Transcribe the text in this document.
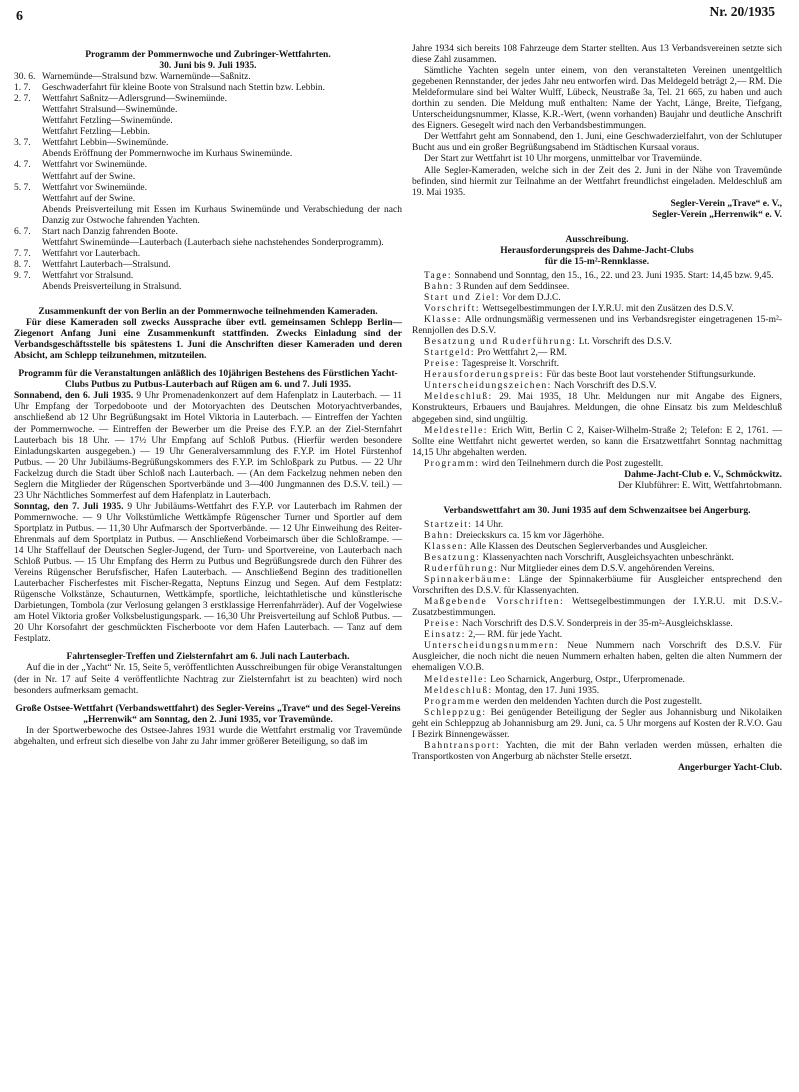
6	Nr. 20/1935

Programm der Pommernwoche und Zubringer-Wettfahrten.

30. Juni bis 9. Juli 1935.

30. 6.	Warnemünde—Stralsund bzw. Warnemünde—Saßnitz.
1. 7.	Geschwaderfahrt für kleine Boote von Stralsund nach Stettin bzw. Lebbin.
2. 7.	Wettfahrt Saßnitz—Adlersgrund—Swinemünde.
	Wettfahrt Stralsund—Swinemünde.
	Wettfahrt Fetzling—Swinemünde.
	Wettfahrt Fetzling—Lebbin.
3. 7.	Wettfahrt Lebbin—Swinemünde.
	Abends Eröffnung der Pommernwoche im Kurhaus Swinemünde.
4. 7.	Wettfahrt vor Swinemünde.
	Wettfahrt auf der Swine.
5. 7.	Wettfahrt vor Swinemünde.
	Wettfahrt auf der Swine.
	Abends Preisverteilung mit Essen im Kurhaus Swinemünde und Verabschiedung der nach Danzig zur Ostwoche fahrenden Yachten.
6. 7.	Start nach Danzig fahrenden Boote.
	Wettfahrt Swinemünde—Lauterbach (Lauterbach siehe nachstehendes Sonderprogramm).
7. 7.	Wettfahrt vor Lauterbach.
8. 7.	Wettfahrt Lauterbach—Stralsund.
9. 7.	Wettfahrt vor Stralsund.
	Abends Preisverteilung in Stralsund.

Zusammenkunft der von Berlin an der Pommernwoche teilnehmenden Kameraden.

Für diese Kameraden soll zwecks Aussprache über evtl. gemeinsamen Schlepp Berlin—Ziegenort Anfang Juni eine Zusammenkunft stattfinden. Zwecks Einladung sind der Verbandsgeschäftsstelle bis spätestens 1. Juni die Anschriften dieser Kameraden und deren Absicht, am Schlepp teilzunehmen, mitzuteilen.

Programm für die Veranstaltungen anläßlich des 10jährigen Bestehens des Fürstlichen Yacht-Clubs Putbus zu Putbus-Lauterbach auf Rügen am 6. und 7. Juli 1935.

Sonnabend, den 6. Juli 1935. 9 Uhr Promenadenkonzert auf dem Hafenplatz in Lauterbach. — 11 Uhr Empfang der Torpedoboote und der Motoryachten des Deutschen Motoryachtverbandes, anschließend ab 12 Uhr Begrüßungsakt im Hotel Viktoria in Lauterbach. — Eintreffen der Yachten der Pommernwoche. — Eintreffen der Bewerber um die Preise des F.Y.P. an der Ziel-Sternfahrt Lauterbach bis 18 Uhr. — 17½ Uhr Empfang auf Schloß Putbus. (Hierfür werden besondere Einladungskarten ausgegeben.) — 19 Uhr Generalversammlung des F.Y.P. im Hotel Fürstenhof Putbus. — 20 Uhr Jubiläums-Begrüßungskommers des F.Y.P. im Schloßpark zu Putbus. — 22 Uhr Fackelzug durch die Stadt über Schloß nach Lauterbach. — (An dem Fackelzug nehmen neben den Seglern die Mitglieder der Rügenschen Sportverbände und 3—400 Jungmannen des D.S.V. teil.) — 23 Uhr Nächtliches Sommerfest auf dem Hafenplatz in Lauterbach.

Sonntag, den 7. Juli 1935. 9 Uhr Jubiläums-Wettfahrt des F.Y.P. vor Lauterbach im Rahmen der Pommernwoche. — 9 Uhr Volkstümliche Wettkämpfe Rügenscher Turner und Sportler auf dem Sportplatz in Putbus. — 11,30 Uhr Aufmarsch der Sportverbände. — 12 Uhr Einweihung des Reiter-Ehrenmals auf dem Sportplatz in Putbus. — Anschließend Vorbeimarsch über die Schloßrampe. — 14 Uhr Staffellauf der Deutschen Segler-Jugend, der Turn- und Sportvereine, von Lauterbach nach Schloß Putbus. — 15 Uhr Empfang des Herrn zu Putbus und Begrüßungsrede durch den Führer des Vereins Rügenscher Berufsfischer, Hafen Lauterbach. — Anschließend Beginn des traditionellen Lauterbacher Fischerfestes mit Fischer-Regatta, Neptuns Einzug und Segen. Auf dem Festplatz: Rügensche Volkstänze, Schauturnen, Wettkämpfe, sportliche, leichtathletische und künstlerische Darbietungen, Tombola (zur Verlosung gelangen 3 erstklassige Herrenfahrräder). Auf der Vogelwiese am Hotel Viktoria großer Volksbelustigungspark. — 16,30 Uhr Preisverteilung auf Schloß Putbus. — 20 Uhr Korsofahrt der geschmückten Fischerboote vor dem Hafen Lauterbach. — Tanz auf dem Festplatz.

Fahrtensegler-Treffen und Zielsternfahrt am 6. Juli nach Lauterbach.

Auf die in der „Yacht“ Nr. 15, Seite 5, veröffentlichten Ausschreibungen für obige Veranstaltungen (der in Nr. 17 auf Seite 4 veröffentlichte Nachtrag zur Zielsternfahrt ist zu beachten) wird noch besonders aufmerksam gemacht.

Große Ostsee-Wettfahrt (Verbandswettfahrt) des Segler-Vereins „Trave“ und des Segel-Vereins „Herrenwik“ am Sonntag, den 2. Juni 1935, vor Travemünde.

In der Sportwerbewoche des Ostsee-Jahres 1931 wurde die Wettfahrt erstmalig vor Travemünde abgehalten, und erfreut sich dieselbe von Jahr zu Jahr immer größerer Beteiligung, so daß im

Jahre 1934 sich bereits 108 Fahrzeuge dem Starter stellten. Aus 13 Verbandsvereinen setzte sich diese Zahl zusammen.

Sämtliche Yachten segeln unter einem, von den veranstalteten Vereinen unentgeltlich gegebenen Rennstander, der jedes Jahr neu entworfen wird. Das Meldegeld beträgt 2,— RM. Die Meldeformulare sind bei Walter Wulff, Lübeck, Neustraße 3a, Tel. 21 665, zu haben und auch dorthin zu senden. Die Meldung muß enthalten: Name der Yacht, Länge, Breite, Tiefgang, Unterscheidungsnummer, Klasse, K.R.-Wert, (wenn vorhanden) Baujahr und deutliche Anschrift des Eigners. Gesegelt wird nach den Verbandsbestimmungen.

Der Wettfahrt geht am Sonnabend, den 1. Juni, eine Geschwaderzielfahrt, von der Schlutuper Bucht aus und ein großer Begrüßungsabend im Städtischen Kursaal voraus.

Der Start zur Wettfahrt ist 10 Uhr morgens, unmittelbar vor Travemünde.

Alle Segler-Kameraden, welche sich in der Zeit des 2. Juni in der Nähe von Travemünde befinden, sind hiermit zur Teilnahme an der Wettfahrt freundlichst eingeladen. Meldeschluß am 19. Mai 1935.

Segler-Verein „Trave“ e. V.,

Segler-Verein „Herrenwik“ e. V.

Ausschreibung.

Herausforderungspreis des Dahme-Jacht-Clubs

für die 15-m²-Rennklasse.

Tage: Sonnabend und Sonntag, den 15., 16., 22. und 23. Juni 1935. Start: 14,45 bzw. 9,45.

Bahn: 3 Runden auf dem Seddinsee.

Start und Ziel: Vor dem D.J.C.

Vorschrift: Wettsegelbestimmungen der I.Y.R.U. mit den Zusätzen des D.S.V.

Klasse: Alle ordnungsmäßig vermessenen und ins Verbandsregister eingetragenen 15-m²-Rennjollen des D.S.V.

Besatzung und Ruderführung: Lt. Vorschrift des D.S.V.

Startgeld: Pro Wettfahrt 2,— RM.

Preise: Tagespreise lt. Vorschrift.

Herausforderungspreis: Für das beste Boot laut vorstehender Stiftungsurkunde.

Unterscheidungszeichen: Nach Vorschrift des D.S.V.

Meldeschluß: 29. Mai 1935, 18 Uhr. Meldungen nur mit Angabe des Eigners, Konstrukteurs, Erbauers und Baujahres. Meldungen, die ohne Einsatz bis zum Meldeschluß abgegeben sind, sind ungültig.

Meldestelle: Erich Witt, Berlin C 2, Kaiser-Wilhelm-Straße 2; Telefon: E 2, 1761. — Sollte eine Wettfahrt nicht gewertet werden, so kann die Ersatzwettfahrt Sonntag nachmittag 14,15 Uhr abgehalten werden.

Programm: wird den Teilnehmern durch die Post zugestellt.

Dahme-Jacht-Club e. V., Schmöckwitz.

Der Klubführer: E. Witt, Wettfahrtobmann.

Verbandswettfahrt am 30. Juni 1935 auf dem Schwenzaitsee bei Angerburg.

Startzeit: 14 Uhr.

Bahn: Dreieckskurs ca. 15 km vor Jägerhöhe.

Klassen: Alle Klassen des Deutschen Seglerverbandes und Ausgleicher.

Besatzung: Klassenyachten nach Vorschrift, Ausgleichsyachten unbeschränkt.

Ruderführung: Nur Mitglieder eines dem D.S.V. angehörenden Vereins.

Spinnakerbäume: Länge der Spinnakerbäume für Ausgleicher entsprechend den Vorschriften des D.S.V. für Klassenyachten.

Maßgebende Vorschriften: Wettsegelbestimmungen der I.Y.R.U. mit D.S.V.-Zusatzbestimmungen.

Preise: Nach Vorschrift des D.S.V. Sonderpreis in der 35-m²-Ausgleichsklasse.

Einsatz: 2,— RM. für jede Yacht.

Unterscheidungsnummern: Neue Nummern nach Vorschrift des D.S.V. Für Ausgleicher, die noch nicht die neuen Nummern erhalten haben, gelten die alten Nummern der ehemaligen V.O.B.

Meldestelle: Leo Scharnick, Angerburg, Ostpr., Uferpromenade.

Meldeschluß: Montag, den 17. Juni 1935.

Programme werden den meldenden Yachten durch die Post zugestellt.

Schleppzug: Bei genügender Beteiligung der Segler aus Johannisburg und Nikolaiken geht ein Schleppzug ab Johannisburg am 29. Juni, ca. 5 Uhr morgens auf Kosten der R.V.O. Gau I Bezirk Binnengewässer.

Bahntransport: Yachten, die mit der Bahn verladen werden müssen, erhalten die Transportkosten von Angerburg ab nächster Stelle ersetzt.

Angerburger Yacht-Club.
